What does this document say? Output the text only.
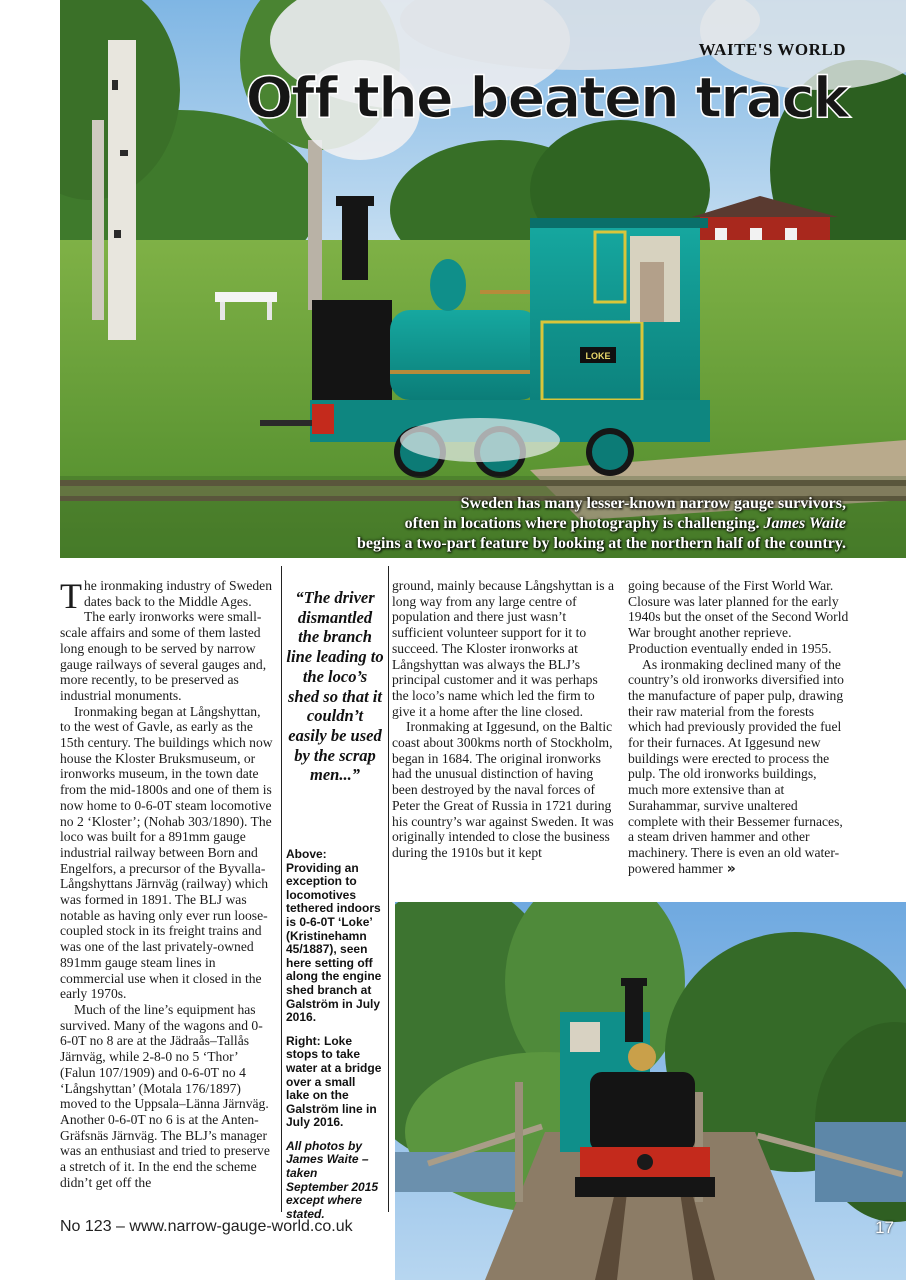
LOKE
WAITE'S WORLD
Off the beaten track
Sweden has many lesser-known narrow gauge survivors,
often in locations where photography is challenging. James Waite
begins a two-part feature by looking at the northern half of the country.

The ironmaking industry of Sweden dates back to the Middle Ages. The early ironworks were small-scale affairs and some of them lasted long enough to be served by narrow gauge railways of several gauges and, more recently, to be preserved as industrial monuments.

Ironmaking began at Långshyttan, to the west of Gavle, as early as the 15th century. The buildings which now house the Kloster Bruksmuseum, or ironworks museum, in the town date from the mid-1800s and one of them is now home to 0-6-0T steam locomotive no 2 ‘Kloster’; (Nohab 303/1890). The loco was built for a 891mm gauge industrial railway between Born and Engelfors, a precursor of the Byvalla-Långshyttans Järnväg (railway) which was formed in 1891. The BLJ was notable as having only ever run loose-coupled stock in its freight trains and was one of the last privately-owned 891mm gauge steam lines in commercial use when it closed in the early 1970s.

Much of the line’s equipment has survived. Many of the wagons and 0-6-0T no 8 are at the Jädraås–Tallås Järnväg, while 2-8-0 no 5 ‘Thor’ (Falun 107/1909) and 0-6-0T no 4 ‘Långshyttan’ (Motala 176/1897) moved to the Uppsala–Länna Järnväg. Another 0-6-0T no 6 is at the Anten-Gräfsnäs Järnväg. The BLJ’s manager was an enthusiast and tried to preserve a stretch of it. In the end the scheme didn’t get off the

“The driver dismantled the branch line leading to the loco’s shed so that it couldn’t easily be used by the scrap men...”

Above: Providing an exception to locomotives tethered indoors is 0-6-0T ‘Loke’ (Kristinehamn 45/1887), seen here setting off along the engine shed branch at Galström in July 2016.

Right: Loke stops to take water at a bridge over a small lake on the Galström line in July 2016.

All photos by James Waite – taken September 2015 except where stated.

ground, mainly because Långshyttan is a long way from any large centre of population and there just wasn’t sufficient volunteer support for it to succeed. The Kloster ironworks at Långshyttan was always the BLJ’s principal customer and it was perhaps the loco’s name which led the firm to give it a home after the line closed.

Ironmaking at Iggesund, on the Baltic coast about 300kms north of Stockholm, began in 1684. The original ironworks had the unusual distinction of having been destroyed by the naval forces of Peter the Great of Russia in 1721 during his country’s war against Sweden. It was originally intended to close the business during the 1910s but it kept

going because of the First World War. Closure was later planned for the early 1940s but the onset of the Second World War brought another reprieve. Production eventually ended in 1955.

As ironmaking declined many of the country’s old ironworks diversified into the manufacture of paper pulp, drawing their raw material from the forests which had previously provided the fuel for their furnaces. At Iggesund new buildings were erected to process the pulp. The old ironworks buildings, much more extensive than at Surahammar, survive unaltered complete with their Bessemer furnaces, a steam driven hammer and other machinery. There is even an old water-powered hammer »

17
No 123 – www.narrow-gauge-world.co.uk
